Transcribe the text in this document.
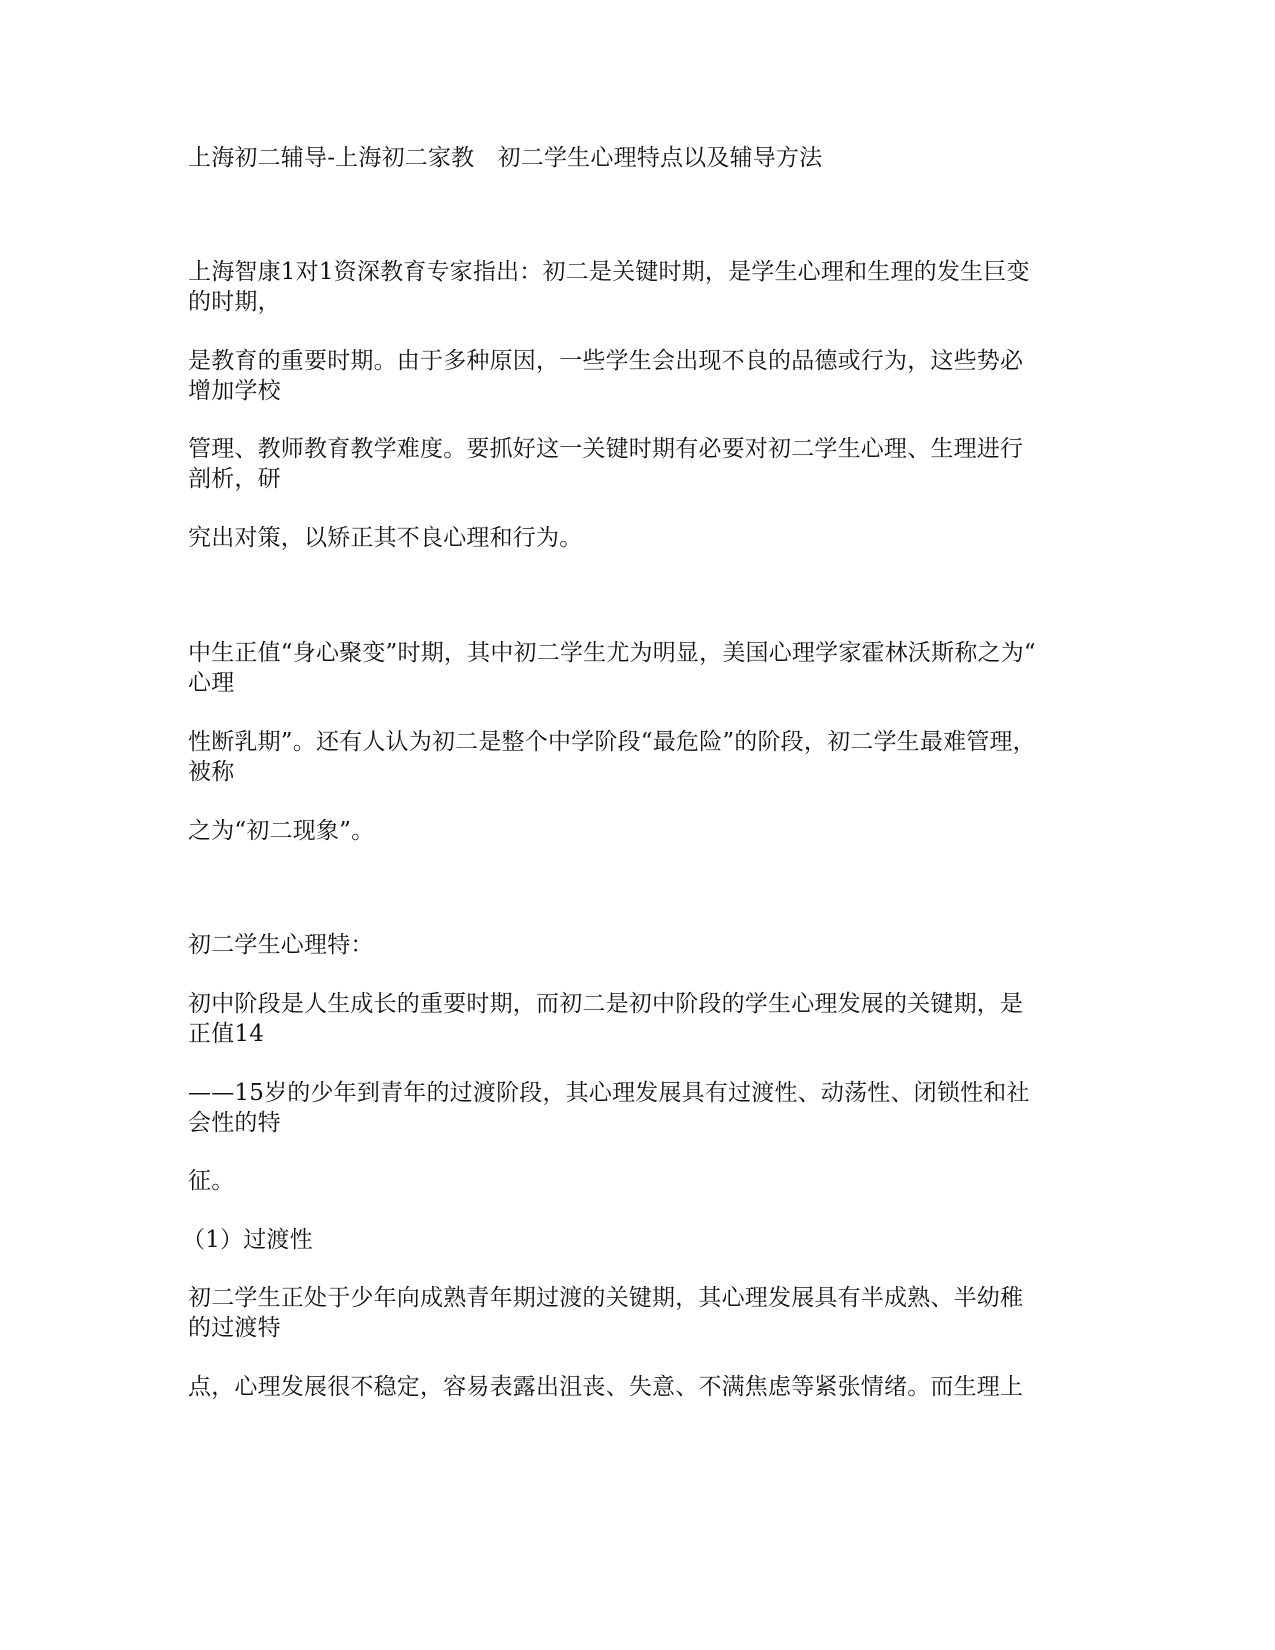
上海初二辅导-上海初二家教　初二学生心理特点以及辅导方法
上海智康1对1资深教育专家指出：初二是关键时期，是学生心理和生理的发生巨变
的时期，
是教育的重要时期。由于多种原因，一些学生会出现不良的品德或行为，这些势必
增加学校
管理、教师教育教学难度。要抓好这一关键时期有必要对初二学生心理、生理进行
剖析，研
究出对策，以矫正其不良心理和行为。
中生正值“身心聚变”时期，其中初二学生尤为明显，美国心理学家霍林沃斯称之为“
心理
性断乳期”。还有人认为初二是整个中学阶段“最危险”的阶段，初二学生最难管理，
被称
之为“初二现象”。
初二学生心理特：
初中阶段是人生成长的重要时期，而初二是初中阶段的学生心理发展的关键期，是
正值14
——15岁的少年到青年的过渡阶段，其心理发展具有过渡性、动荡性、闭锁性和社
会性的特
征。
（1）过渡性
初二学生正处于少年向成熟青年期过渡的关键期，其心理发展具有半成熟、半幼稚
的过渡特
点，心理发展很不稳定，容易表露出沮丧、失意、不满焦虑等紧张情绪。而生理上
